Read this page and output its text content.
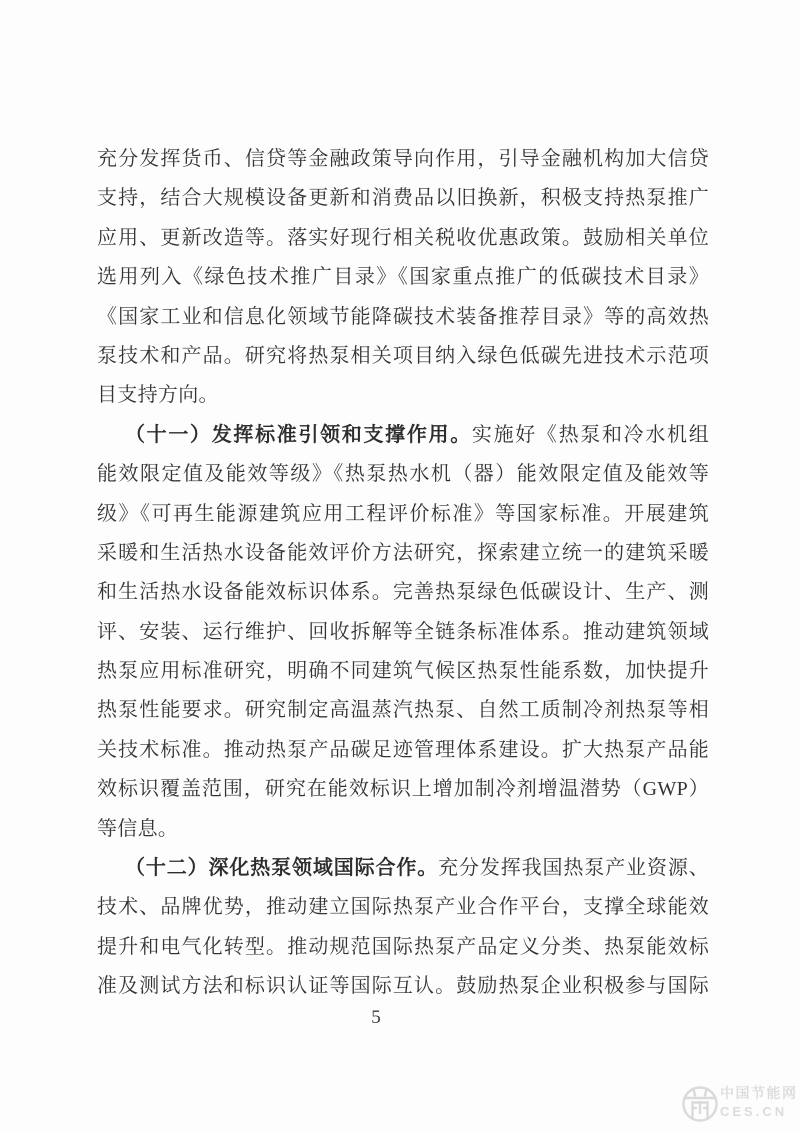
充分发挥货币、信贷等金融政策导向作用，引导金融机构加大信贷
支持，结合大规模设备更新和消费品以旧换新，积极支持热泵推广
应用、更新改造等。落实好现行相关税收优惠政策。鼓励相关单位
选用列入《绿色技术推广目录》《国家重点推广的低碳技术目录》
《国家工业和信息化领域节能降碳技术装备推荐目录》等的高效热
泵技术和产品。研究将热泵相关项目纳入绿色低碳先进技术示范项
目支持方向。
（十一）发挥标准引领和支撑作用。实施好《热泵和冷水机组
能效限定值及能效等级》《热泵热水机（器）能效限定值及能效等
级》《可再生能源建筑应用工程评价标准》等国家标准。开展建筑
采暖和生活热水设备能效评价方法研究，探索建立统一的建筑采暖
和生活热水设备能效标识体系。完善热泵绿色低碳设计、生产、测
评、安装、运行维护、回收拆解等全链条标准体系。推动建筑领域
热泵应用标准研究，明确不同建筑气候区热泵性能系数，加快提升
热泵性能要求。研究制定高温蒸汽热泵、自然工质制冷剂热泵等相
关技术标准。推动热泵产品碳足迹管理体系建设。扩大热泵产品能
效标识覆盖范围，研究在能效标识上增加制冷剂增温潜势（GWP）
等信息。
（十二）深化热泵领域国际合作。充分发挥我国热泵产业资源、
技术、品牌优势，推动建立国际热泵产业合作平台，支撑全球能效
提升和电气化转型。推动规范国际热泵产品定义分类、热泵能效标
准及测试方法和标识认证等国际互认。鼓励热泵企业积极参与国际
5
中国节能网
CES.CN
